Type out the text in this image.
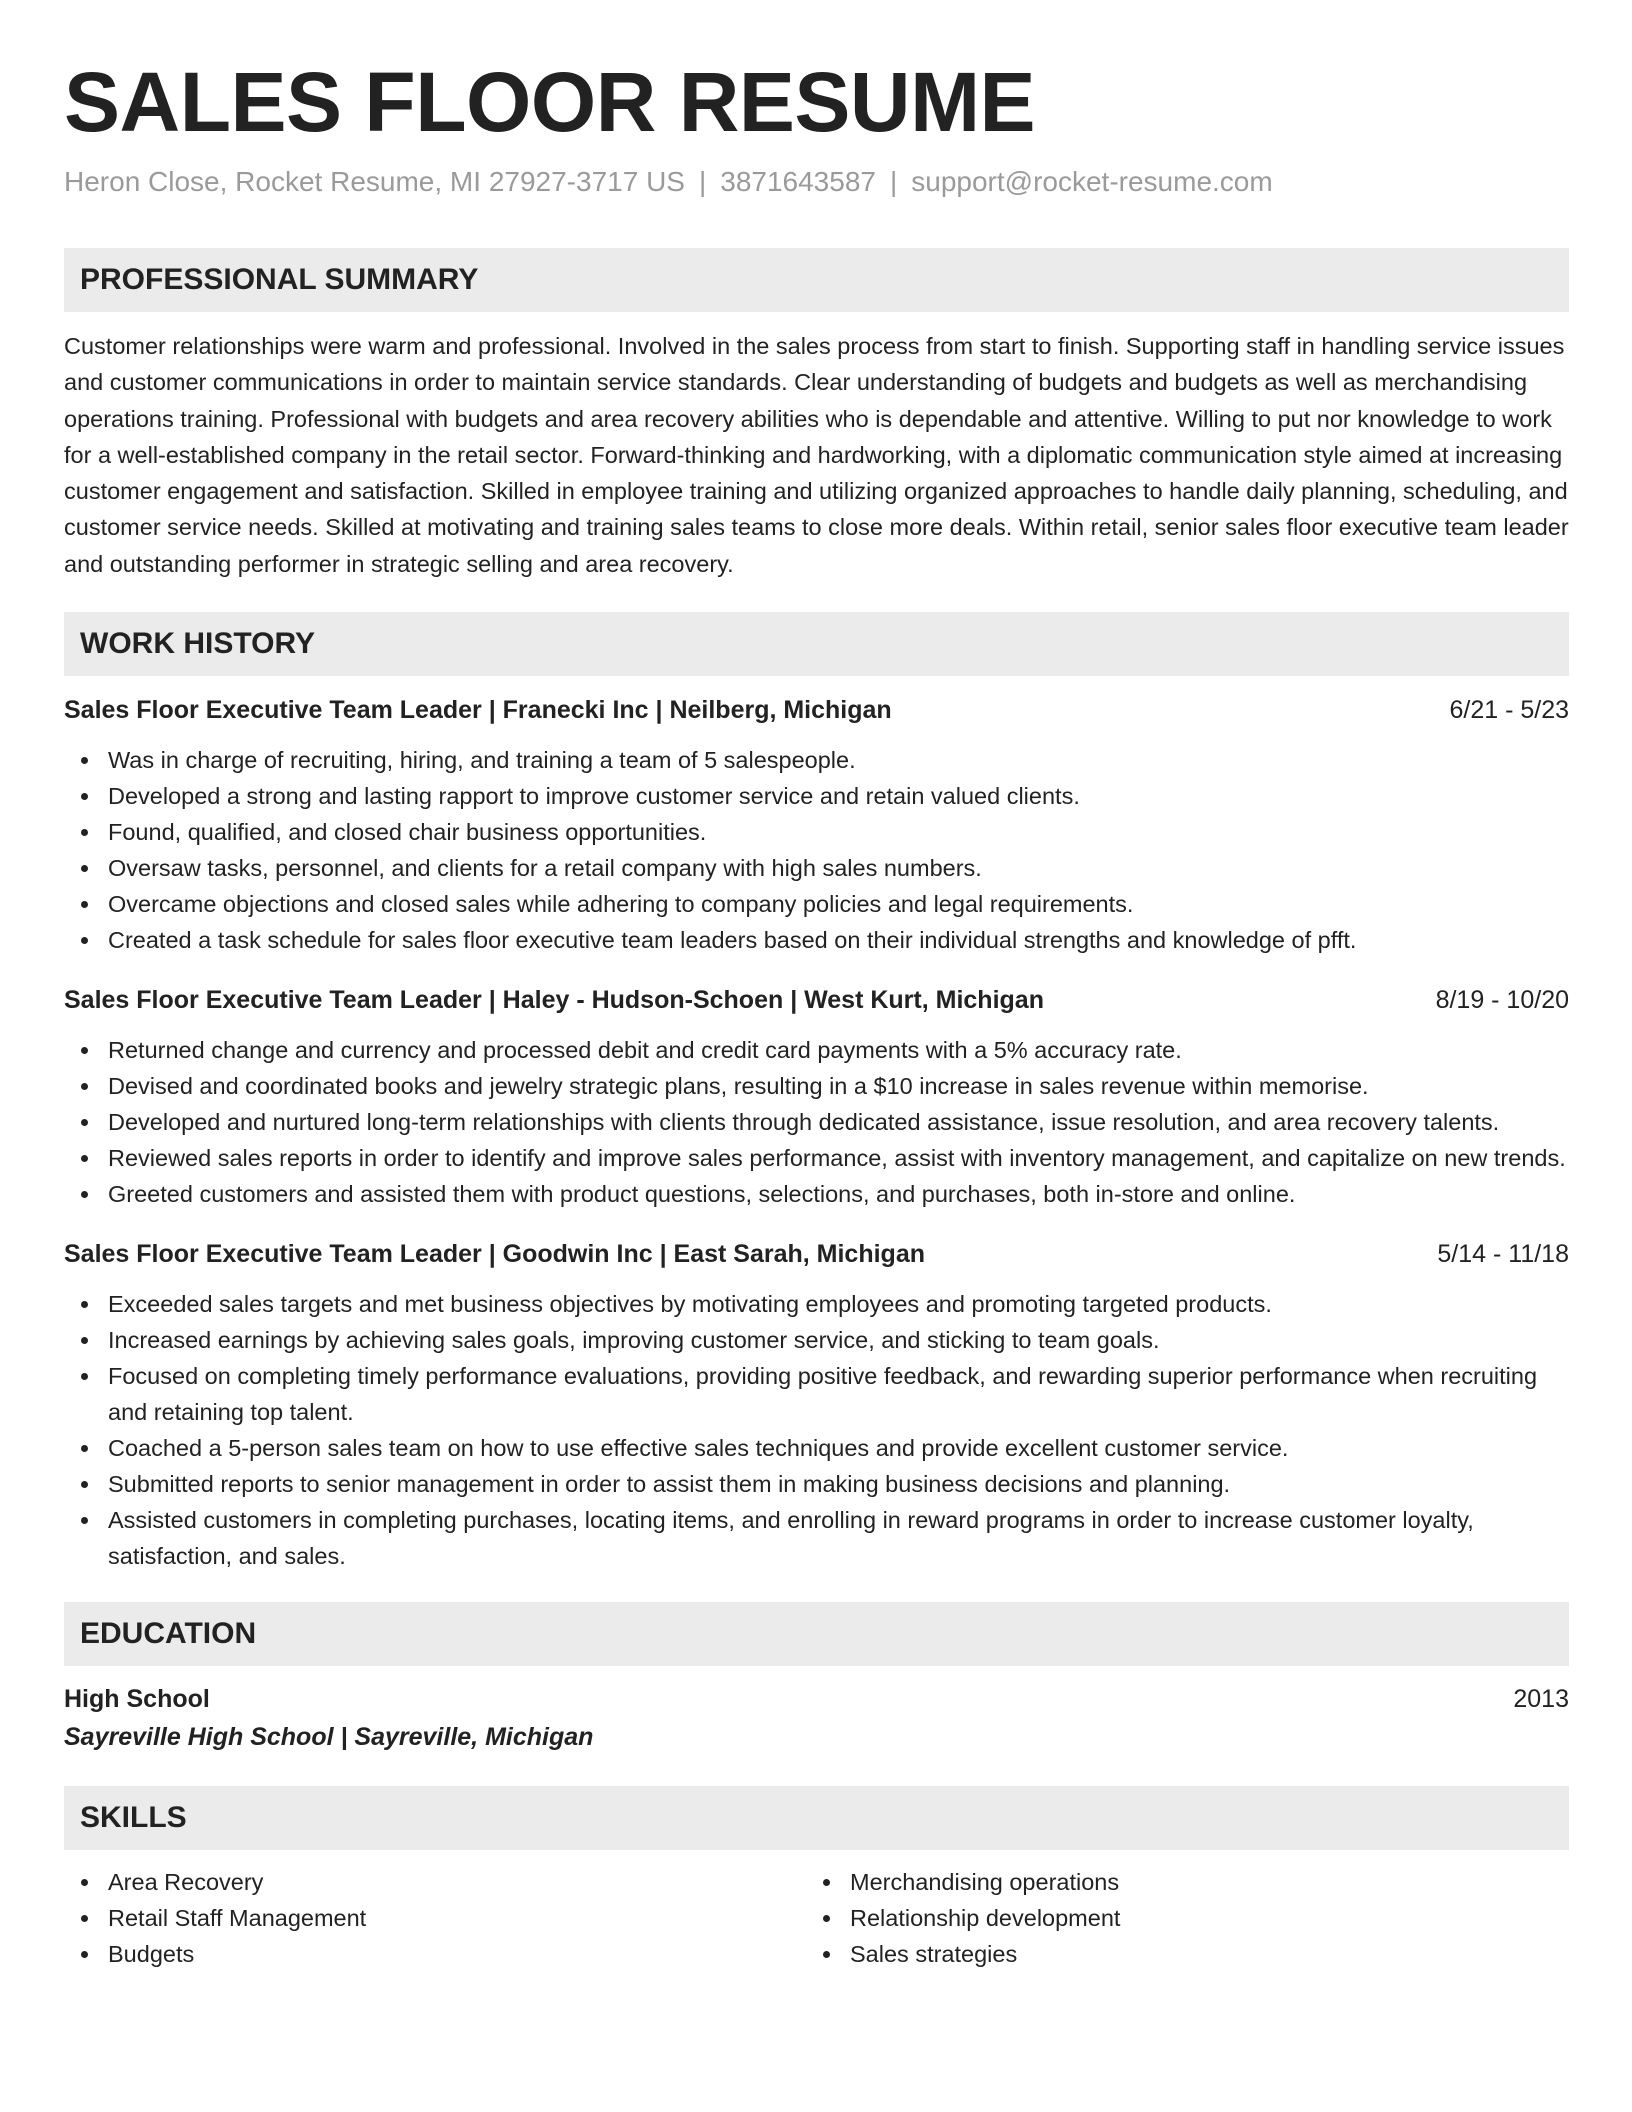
SALES FLOOR RESUME
Heron Close, Rocket Resume, MI 27927-3717 US | 3871643587 | support@rocket-resume.com
PROFESSIONAL SUMMARY

Customer relationships were warm and professional. Involved in the sales process from start to finish. Supporting staff in handling service issues and customer communications in order to maintain service standards. Clear understanding of budgets and budgets as well as merchandising operations training. Professional with budgets and area recovery abilities who is dependable and attentive. Willing to put nor knowledge to work for a well-established company in the retail sector. Forward-thinking and hardworking, with a diplomatic communication style aimed at increasing customer engagement and satisfaction. Skilled in employee training and utilizing organized approaches to handle daily planning, scheduling, and customer service needs. Skilled at motivating and training sales teams to close more deals. Within retail, senior sales floor executive team leader and outstanding performer in strategic selling and area recovery.

WORK HISTORY
Sales Floor Executive Team Leader | Franecki Inc | Neilberg, Michigan	6/21 - 5/23
Was in charge of recruiting, hiring, and training a team of 5 salespeople.
Developed a strong and lasting rapport to improve customer service and retain valued clients.
Found, qualified, and closed chair business opportunities.
Oversaw tasks, personnel, and clients for a retail company with high sales numbers.
Overcame objections and closed sales while adhering to company policies and legal requirements.
Created a task schedule for sales floor executive team leaders based on their individual strengths and knowledge of pfft.
Sales Floor Executive Team Leader | Haley - Hudson-Schoen | West Kurt, Michigan	8/19 - 10/20
Returned change and currency and processed debit and credit card payments with a 5% accuracy rate.
Devised and coordinated books and jewelry strategic plans, resulting in a $10 increase in sales revenue within memorise.
Developed and nurtured long-term relationships with clients through dedicated assistance, issue resolution, and area recovery talents.
Reviewed sales reports in order to identify and improve sales performance, assist with inventory management, and capitalize on new trends.
Greeted customers and assisted them with product questions, selections, and purchases, both in-store and online.
Sales Floor Executive Team Leader | Goodwin Inc | East Sarah, Michigan	5/14 - 11/18
Exceeded sales targets and met business objectives by motivating employees and promoting targeted products.
Increased earnings by achieving sales goals, improving customer service, and sticking to team goals.
Focused on completing timely performance evaluations, providing positive feedback, and rewarding superior performance when recruiting and retaining top talent.
Coached a 5-person sales team on how to use effective sales techniques and provide excellent customer service.
Submitted reports to senior management in order to assist them in making business decisions and planning.
Assisted customers in completing purchases, locating items, and enrolling in reward programs in order to increase customer loyalty, satisfaction, and sales.
EDUCATION
High School	2013
Sayreville High School | Sayreville, Michigan
SKILLS
Area Recovery
Retail Staff Management
Budgets
Merchandising operations
Relationship development
Sales strategies
